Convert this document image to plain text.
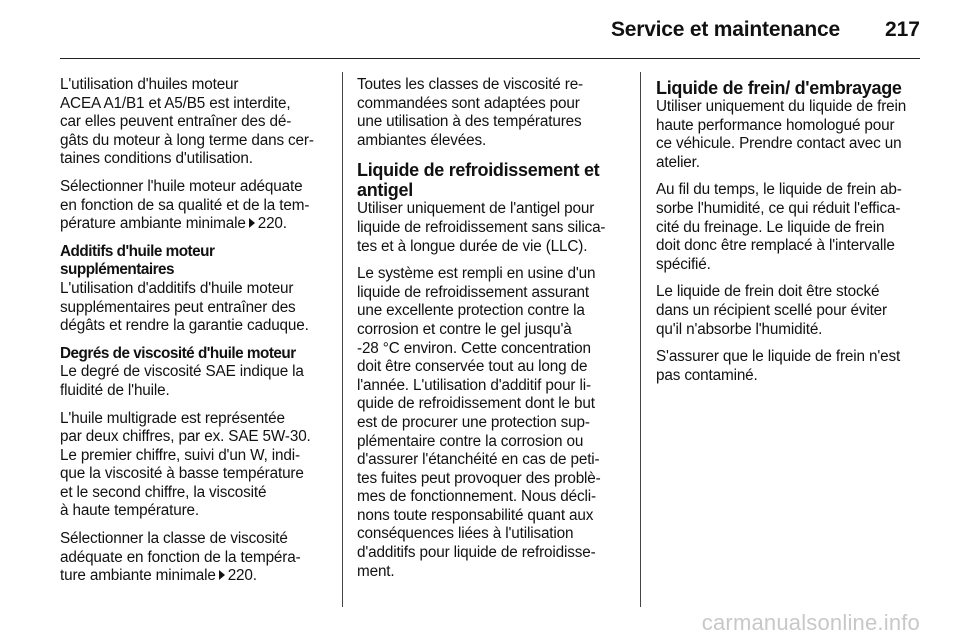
Service et maintenance 217

L'utilisation d'huiles moteur
ACEA A1/B1 et A5/B5 est interdite,
car elles peuvent entraîner des dé-
gâts du moteur à long terme dans cer-
taines conditions d'utilisation.

Sélectionner l'huile moteur adéquate
en fonction de sa qualité et de la tem-
pérature ambiante minimale 220.

Additifs d'huile moteur
supplémentaires

L'utilisation d'additifs d'huile moteur
supplémentaires peut entraîner des
dégâts et rendre la garantie caduque.

Degrés de viscosité d'huile moteur

Le degré de viscosité SAE indique la
fluidité de l'huile.

L'huile multigrade est représentée
par deux chiffres, par ex. SAE 5W-30.
Le premier chiffre, suivi d'un W, indi-
que la viscosité à basse température
et le second chiffre, la viscosité
à haute température.

Sélectionner la classe de viscosité
adéquate en fonction de la tempéra-
ture ambiante minimale 220.

Toutes les classes de viscosité re-
commandées sont adaptées pour
une utilisation à des températures
ambiantes élevées.

Liquide de refroidissement et
antigel

Utiliser uniquement de l'antigel pour
liquide de refroidissement sans silica-
tes et à longue durée de vie (LLC).

Le système est rempli en usine d'un
liquide de refroidissement assurant
une excellente protection contre la
corrosion et contre le gel jusqu'à
-28 °C environ. Cette concentration
doit être conservée tout au long de
l'année. L'utilisation d'additif pour li-
quide de refroidissement dont le but
est de procurer une protection sup-
plémentaire contre la corrosion ou
d'assurer l'étanchéité en cas de peti-
tes fuites peut provoquer des problè-
mes de fonctionnement. Nous décli-
nons toute responsabilité quant aux
conséquences liées à l'utilisation
d'additifs pour liquide de refroidisse-
ment.

Liquide de frein/ d'embrayage

Utiliser uniquement du liquide de frein
haute performance homologué pour
ce véhicule. Prendre contact avec un
atelier.

Au fil du temps, le liquide de frein ab-
sorbe l'humidité, ce qui réduit l'effica-
cité du freinage. Le liquide de frein
doit donc être remplacé à l'intervalle
spécifié.

Le liquide de frein doit être stocké
dans un récipient scellé pour éviter
qu'il n'absorbe l'humidité.

S'assurer que le liquide de frein n'est
pas contaminé.

carmanualsonline.info
